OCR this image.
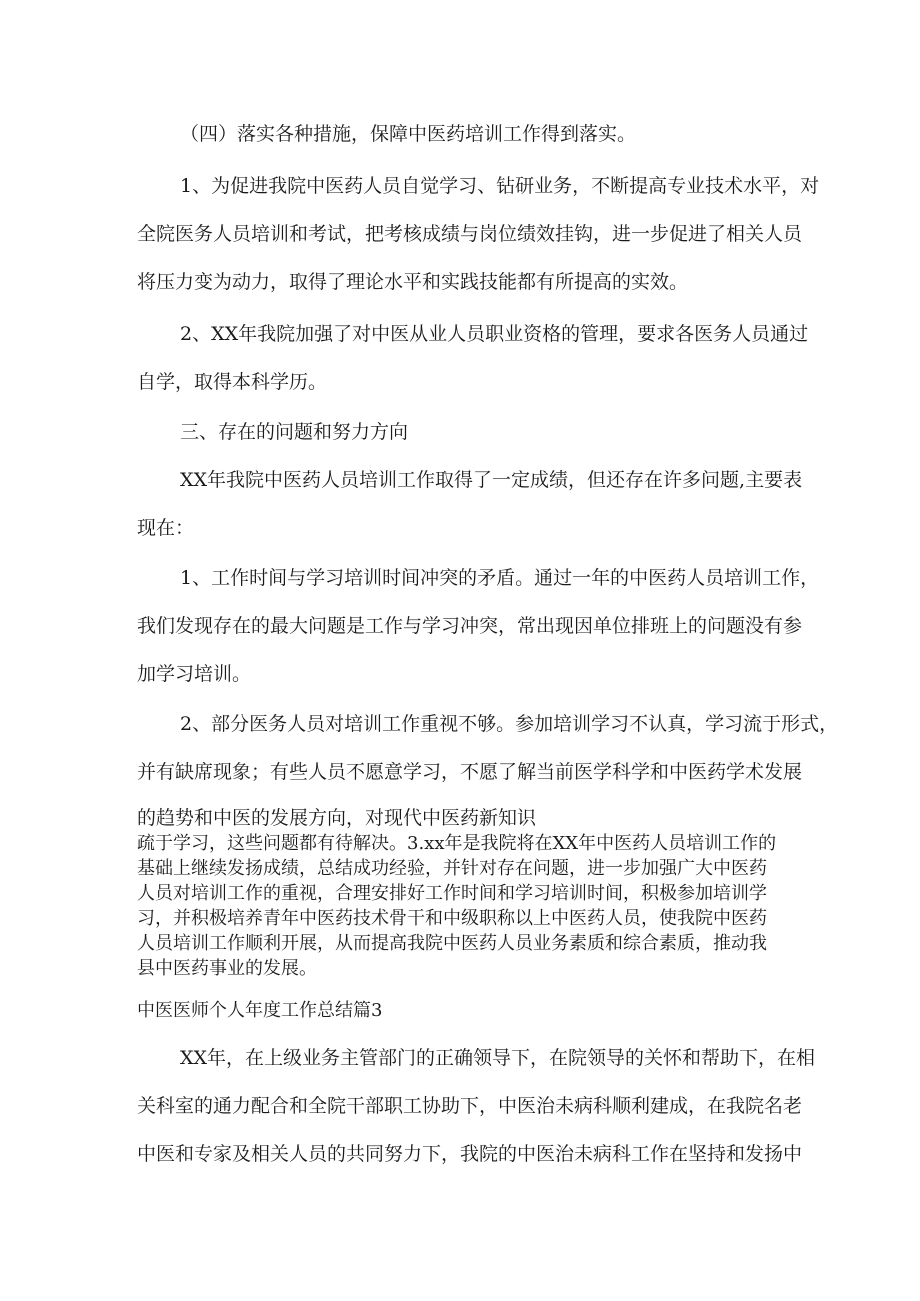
（四）落实各种措施，保障中医药培训工作得到落实。

1、为促进我院中医药人员自觉学习、钻研业务，不断提高专业技术水平，对

全院医务人员培训和考试，把考核成绩与岗位绩效挂钩，进一步促进了相关人员

将压力变为动力，取得了理论水平和实践技能都有所提高的实效。

2、XX年我院加强了对中医从业人员职业资格的管理，要求各医务人员通过

自学，取得本科学历。

三、存在的问题和努力方向

XX年我院中医药人员培训工作取得了一定成绩，但还存在许多问题,主要表

现在：

1、工作时间与学习培训时间冲突的矛盾。通过一年的中医药人员培训工作，

我们发现存在的最大问题是工作与学习冲突，常出现因单位排班上的问题没有参

加学习培训。

2、部分医务人员对培训工作重视不够。参加培训学习不认真，学习流于形式，

并有缺席现象；有些人员不愿意学习，不愿了解当前医学科学和中医药学术发展

的趋势和中医的发展方向，对现代中医药新知识

疏于学习，这些问题都有待解决。3.xx年是我院将在XX年中医药人员培训工作的

基础上继续发扬成绩，总结成功经验，并针对存在问题，进一步加强广大中医药

人员对培训工作的重视，合理安排好工作时间和学习培训时间，积极参加培训学

习，并积极培养青年中医药技术骨干和中级职称以上中医药人员，使我院中医药

人员培训工作顺利开展，从而提高我院中医药人员业务素质和综合素质，推动我

县中医药事业的发展。

中医医师个人年度工作总结篇3

XX年，在上级业务主管部门的正确领导下，在院领导的关怀和帮助下，在相

关科室的通力配合和全院干部职工协助下，中医治未病科顺利建成，在我院名老

中医和专家及相关人员的共同努力下，我院的中医治未病科工作在坚持和发扬中
